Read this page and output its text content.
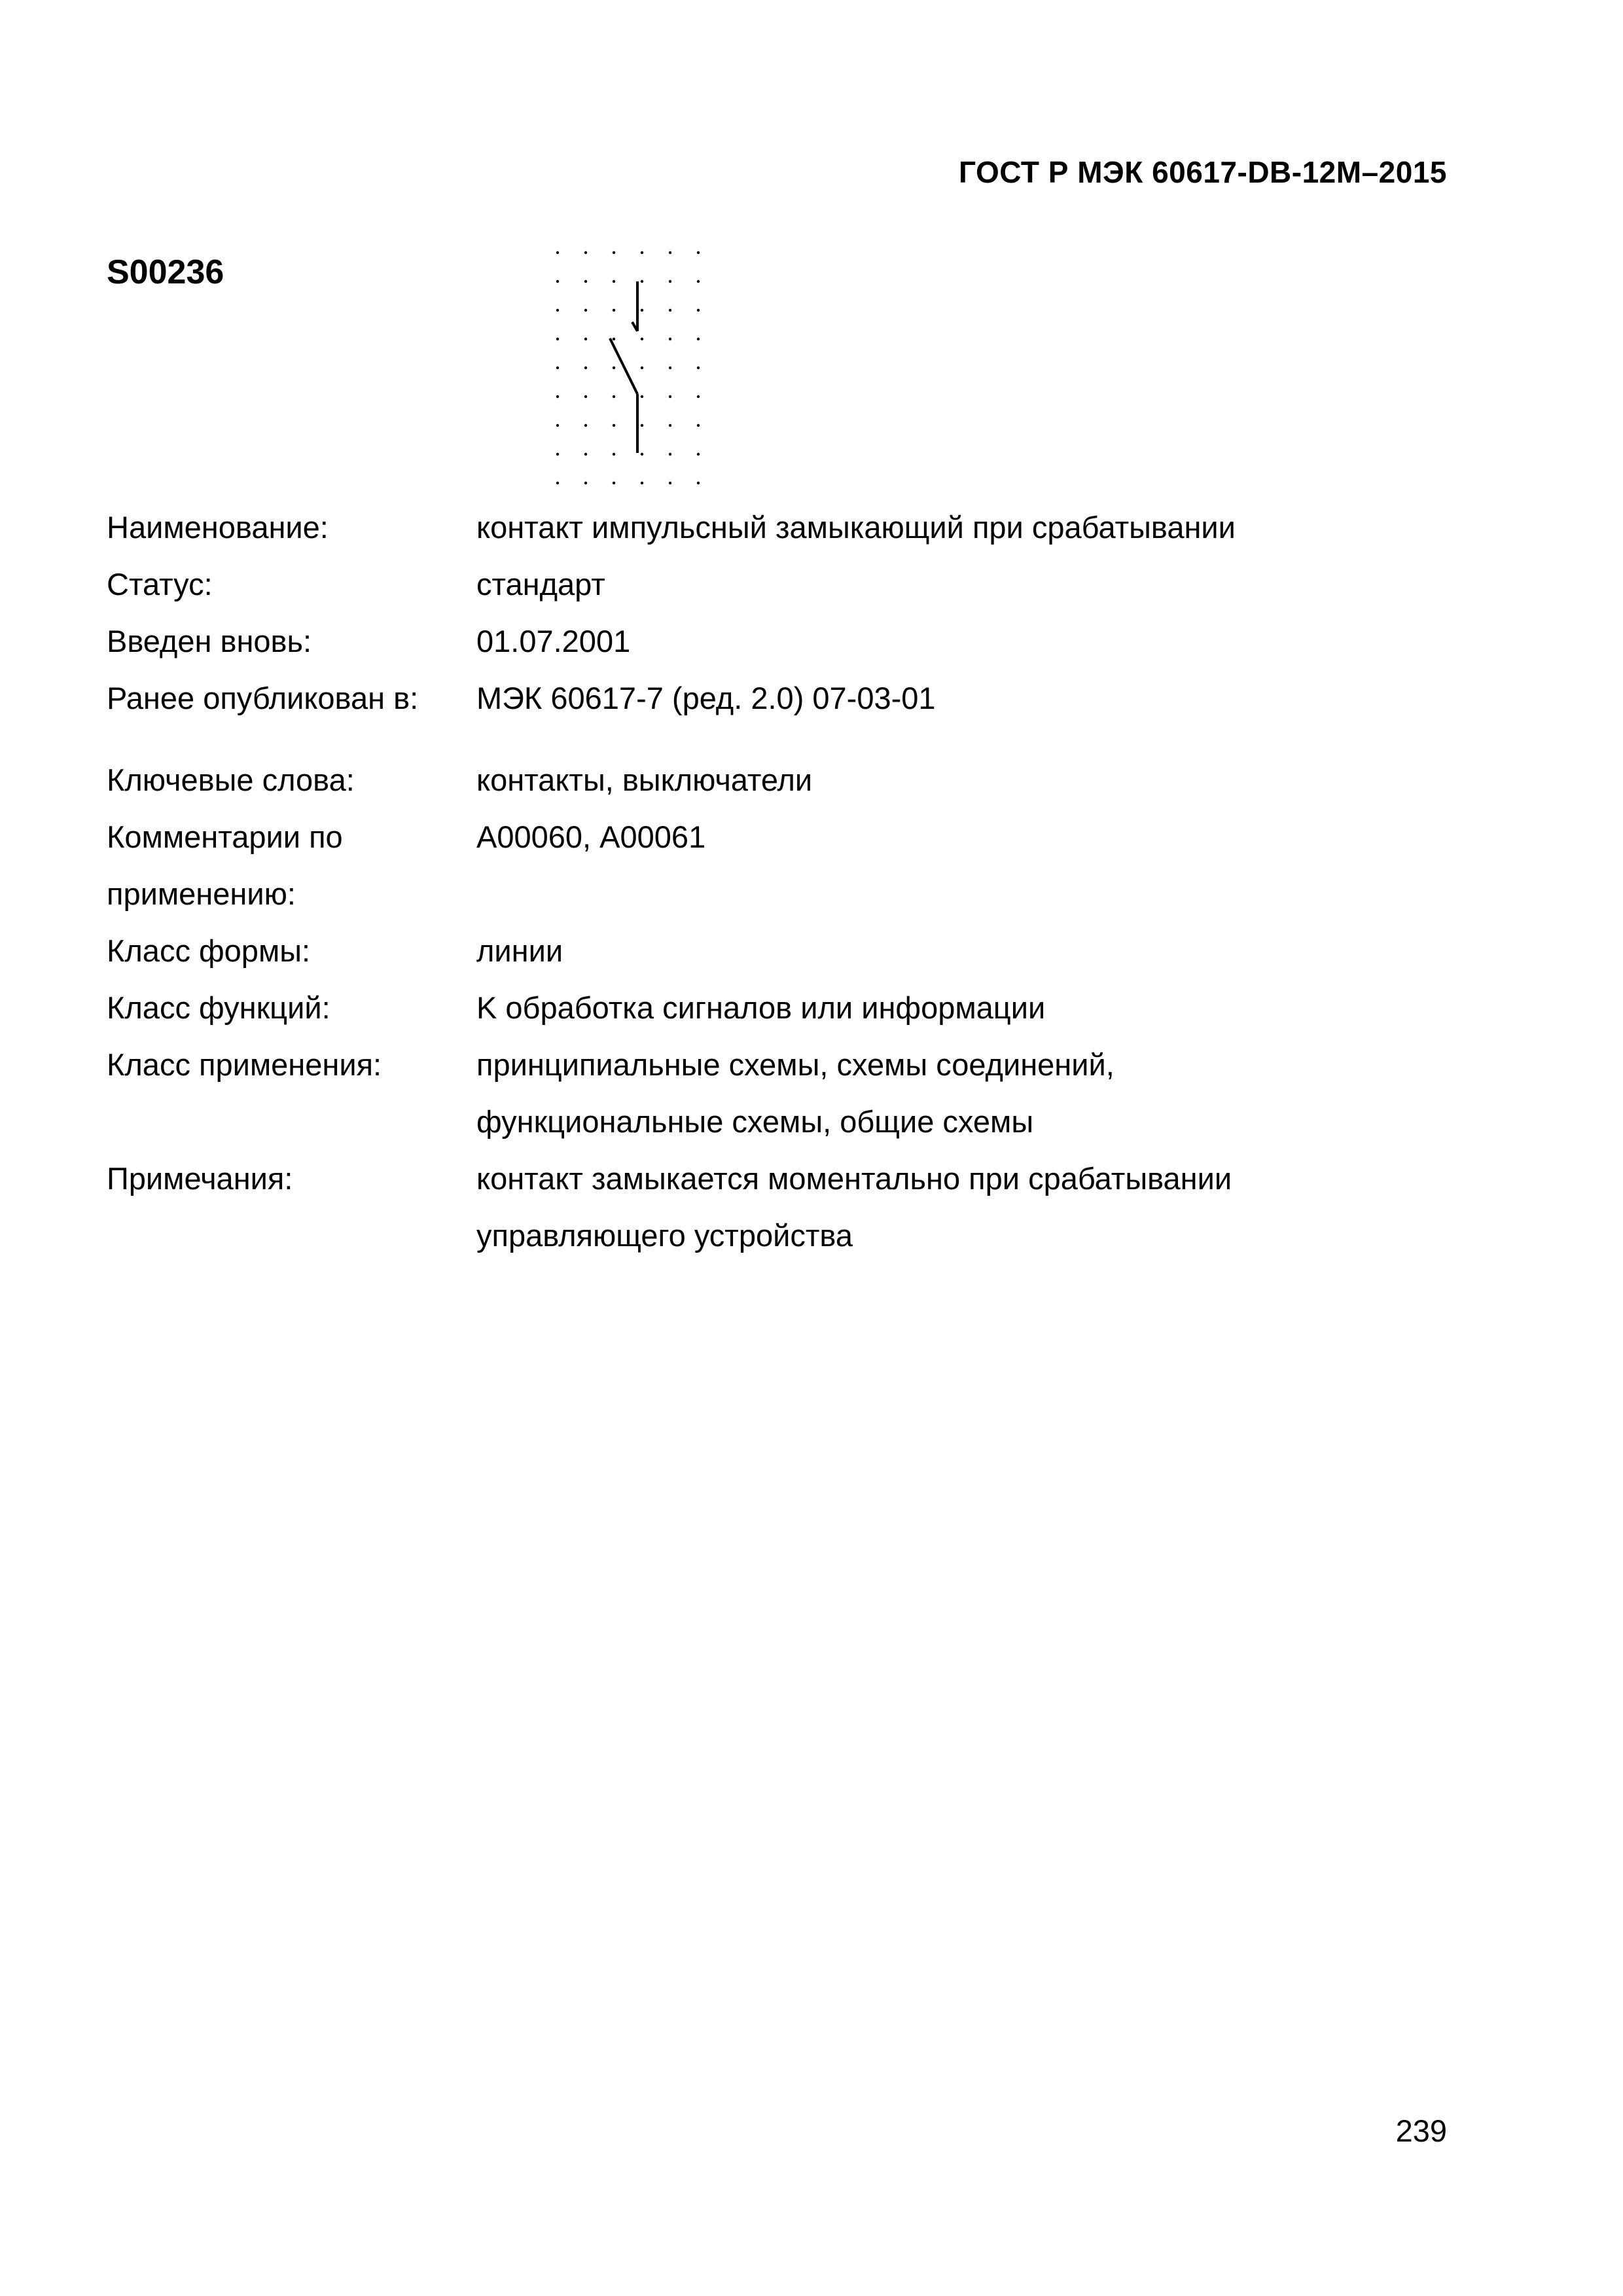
ГОСТ Р МЭК 60617-DB-12M–2015
S00236
Наименование:	контакт импульсный замыкающий при срабатывании
Статус:	стандарт
Введен вновь:	01.07.2001
Ранее опубликован в:	МЭК 60617-7 (ред. 2.0) 07-03-01
Ключевые слова:	контакты, выключатели
Комментарии по применению:
А00060, А00061
Класс формы:	линии
Класс функций:	K обработка сигналов или информации
Класс применения:	принципиальные схемы, схемы соединений, функциональные схемы, общие схемы
Примечания:	контакт замыкается моментально при срабатывании управляющего устройства
239
